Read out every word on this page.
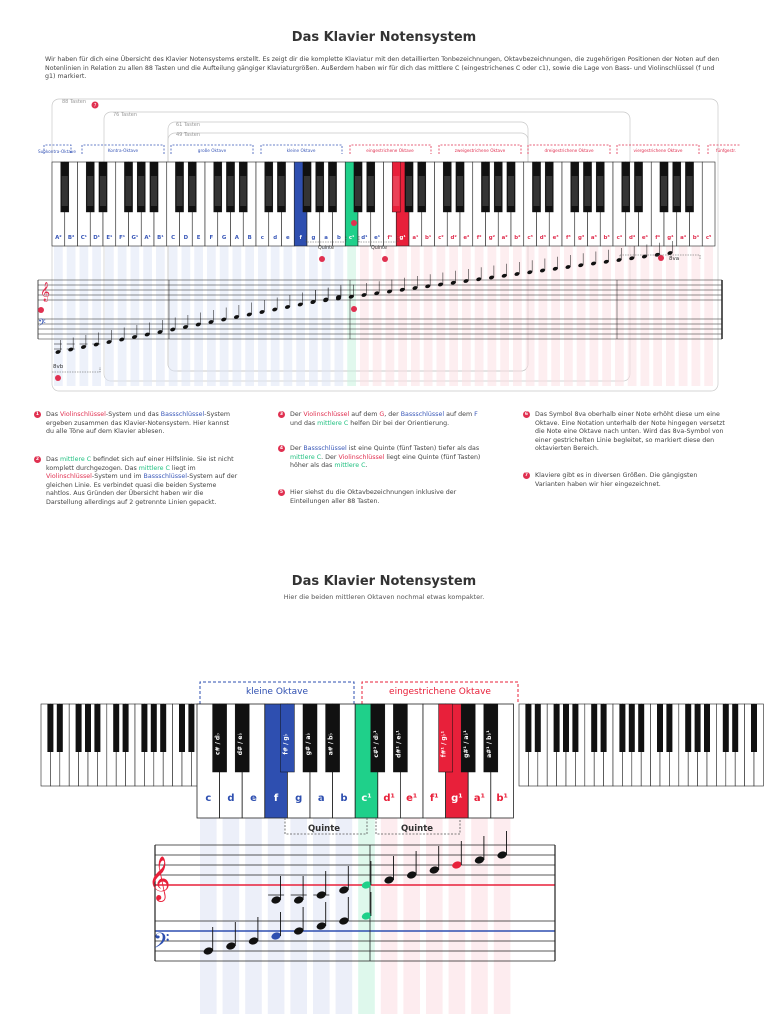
Das Klavier Notensystem
Wir haben für dich eine Übersicht des Klavier Notensystems erstellt. Es zeigt dir die komplette Klaviatur mit den detaillierten Tonbezeichnungen, Oktavbezeichnungen, die zugehörigen Positionen der Noten auf den Notenlinien in Relation zu allen 88 Tasten und die Aufteilung gängiger Klaviaturgrößen. Außerdem haben wir für dich das mittlere C (eingestrichenes C oder c1), sowie die Lage von Bass- und Violinschlüssel (f und g1) markiert.
88 Tasten
76 Tasten
61 Tasten
49 Tasten
7
Subkontra-Oktave	Kontra-Oktave	große Oktave	kleine Oktave	eingestrichene Oktave	zweigestrichene Oktave	dreigestrichene Oktave	viergestrichene Oktave	fünfgestr.
A² B² C¹ D¹ E¹ F¹ G¹ A¹ B¹ C D E F G A B c d e f g a b c¹ d¹ e¹ f¹ g¹ a¹ b¹ c² d² e² f² g² a² b² c³ d³ e³ f³ g³ a³ b³ c⁴ d⁴ e⁴ f⁴ g⁴ a⁴ b⁴ c⁵
Quinte	Quinte
𝄞
𝄢
8va
8vb
1	Das Violinschlüssel-System und das Bassschlüssel-System ergeben zusammen das Klavier-Notensystem. Hier kannst du alle Töne auf dem Klavier ablesen.
2	Das mittlere C befindet sich auf einer Hilfslinie. Sie ist nicht komplett durchgezogen. Das mittlere C liegt im Violinschlüssel-System und im Bassschlüssel-System auf der gleichen Linie. Es verbindet quasi die beiden Systeme nahtlos. Aus Gründen der Übersicht haben wir die Darstellung allerdings auf 2 getrennte Linien gepackt.
3	Der Violinschlüssel auf dem G, der Bassschlüssel auf dem F und das mittlere C helfen Dir bei der Orientierung.
4	Der Bassschlüssel ist eine Quinte (fünf Tasten) tiefer als das mittlere C. Der Violinschlüssel liegt eine Quinte (fünf Tasten) höher als das mittlere C.
5	Hier siehst du die Oktavbezeichnungen inklusive der Einteilungen aller 88 Tasten.
6	Das Symbol 8va oberhalb einer Note erhöht diese um eine Oktave. Eine Notation unterhalb der Note hingegen versetzt die Note eine Oktave nach unten. Wird das 8va-Symbol von einer gestrichelten Linie begleitet, so markiert diese den oktavierten Bereich.
7	Klaviere gibt es in diversen Größen. Die gängigsten Varianten haben wir hier eingezeichnet.
Das Klavier Notensystem
Hier die beiden mittleren Oktaven nochmal etwas kompakter.
kleine Oktave	eingestrichene Oktave
c d e f g a b c¹ d¹ e¹ f¹ g¹ a¹ b¹
c# / d♭	d# / e♭	f# / g♭	g# / a♭	a# / b♭	c#¹ / d♭¹	d#¹ / e♭¹	f#¹ / g♭¹	g#¹ / a♭¹	a#¹ / b♭¹
Quinte	Quinte
𝄞
𝄢
